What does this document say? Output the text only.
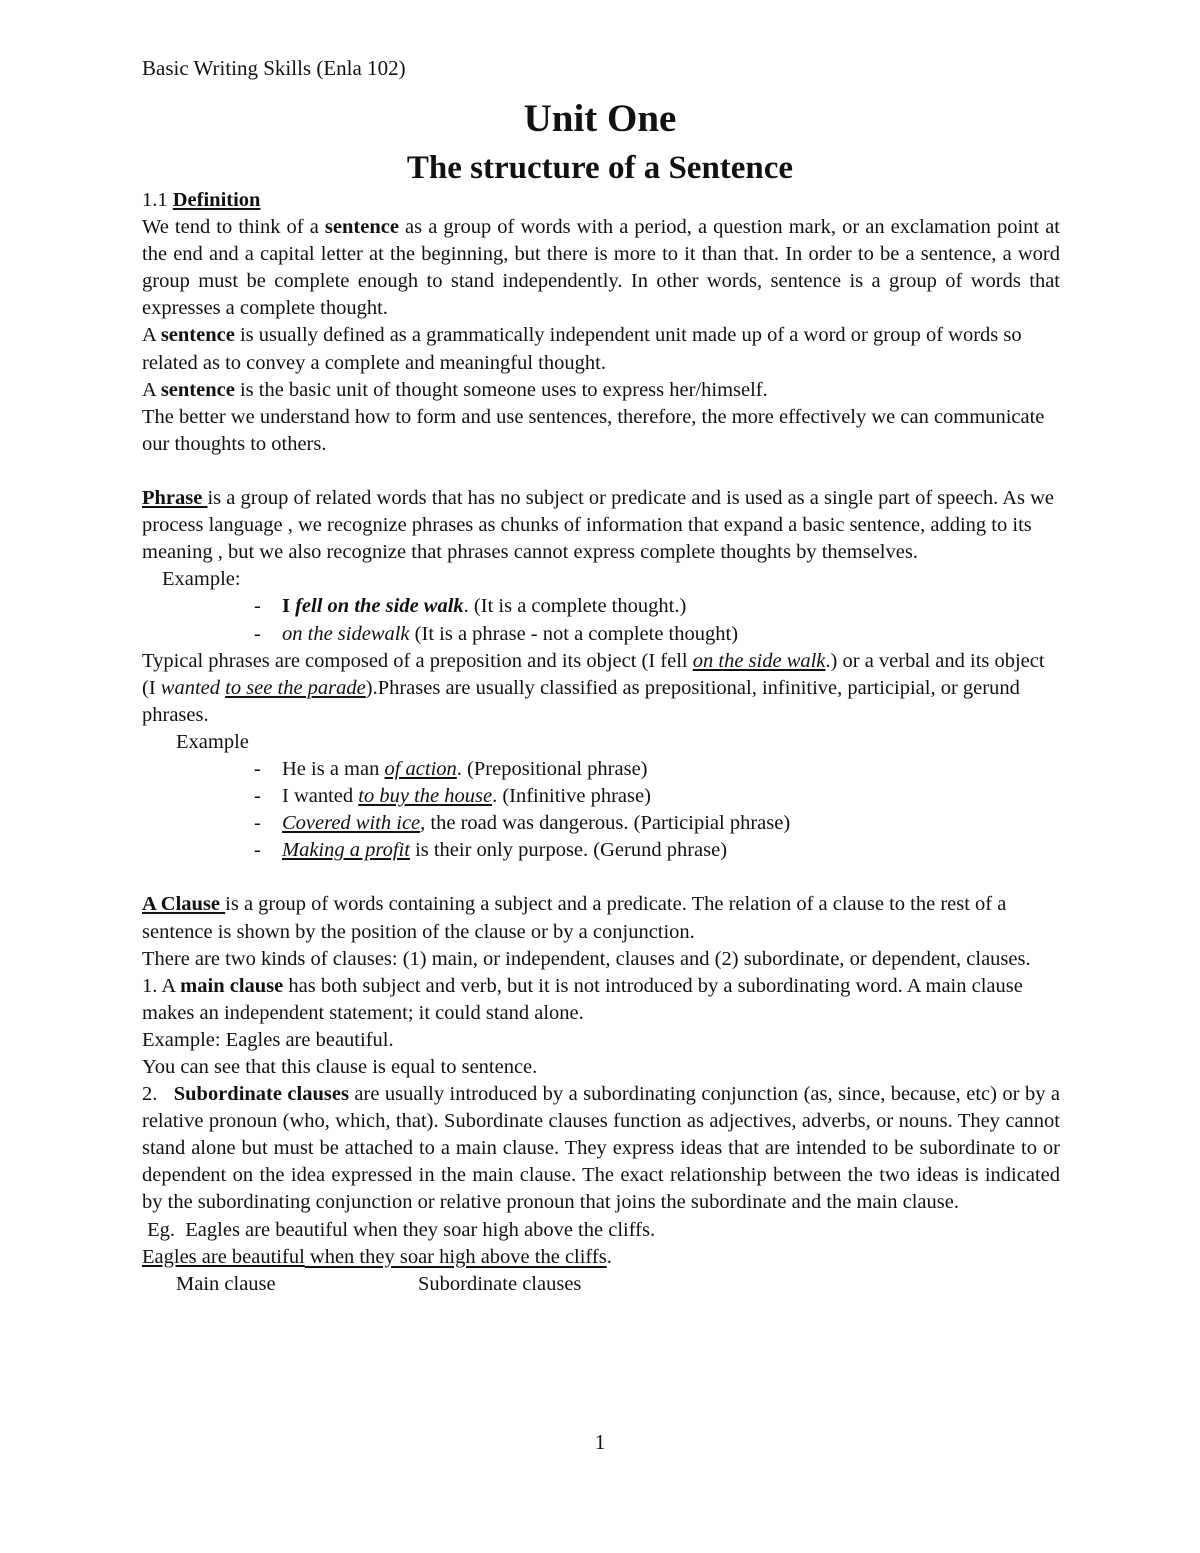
Basic Writing Skills (Enla 102)
Unit One
The structure of a Sentence

1.1 Definition

We tend to think of a sentence as a group of words with a period, a question mark, or an exclamation point at the end and a capital letter at the beginning, but there is more to it than that. In order to be a sentence, a word group must be complete enough to stand independently. In other words, sentence is a group of words that expresses a complete thought.

A sentence is usually defined as a grammatically independent unit made up of a word or group of words so related as to convey a complete and meaningful thought.

A sentence is the basic unit of thought someone uses to express her/himself.

The better we understand how to form and use sentences, therefore, the more effectively we can communicate our thoughts to others.

Phrase is a group of related words that has no subject or predicate and is used as a single part of speech. As we process language , we recognize phrases as chunks of information that expand a basic sentence, adding to its meaning , but we also recognize that phrases cannot express complete thoughts by themselves.

Example:

- I fell on the side walk. (It is a complete thought.)

- on the sidewalk (It is a phrase - not a complete thought)

Typical phrases are composed of a preposition and its object (I fell on the side walk.) or a verbal and its object (I wanted to see the parade).Phrases are usually classified as prepositional, infinitive, participial, or gerund phrases.

Example

- He is a man of action. (Prepositional phrase)

- I wanted to buy the house. (Infinitive phrase)

- Covered with ice, the road was dangerous. (Participial phrase)

- Making a profit is their only purpose. (Gerund phrase)

A Clause is a group of words containing a subject and a predicate. The relation of a clause to the rest of a sentence is shown by the position of the clause or by a conjunction.

There are two kinds of clauses: (1) main, or independent, clauses and (2) subordinate, or dependent, clauses.

1. A main clause has both subject and verb, but it is not introduced by a subordinating word. A main clause makes an independent statement; it could stand alone.

Example: Eagles are beautiful.

You can see that this clause is equal to sentence.

2.   Subordinate clauses are usually introduced by a subordinating conjunction (as, since, because, etc) or by a relative pronoun (who, which, that). Subordinate clauses function as adjectives, adverbs, or nouns. They cannot stand alone but must be attached to a main clause. They express ideas that are intended to be subordinate to or dependent on the idea expressed in the main clause. The exact relationship between the two ideas is indicated by the subordinating conjunction or relative pronoun that joins the subordinate and the main clause.

Eg.  Eagles are beautiful when they soar high above the cliffs.

Eagles are beautiful when they soar high above the cliffs.

Main clause	Subordinate clauses
1
